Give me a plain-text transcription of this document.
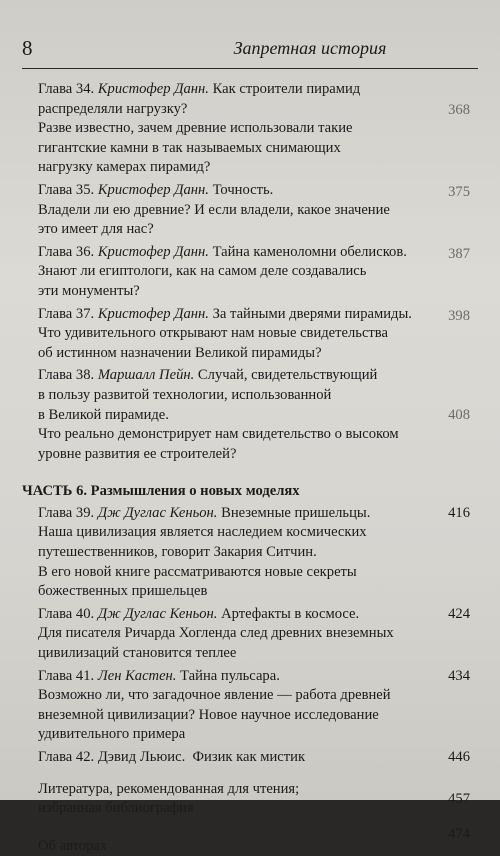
8	Запретная история
Глава 34. Кристофер Данн. Как строители пирамид
распределяли нагрузку?
Разве известно, зачем древние использовали такие
гигантские камни в так называемых снимающих
нагрузку камерах пирамид?
368
Глава 35. Кристофер Данн. Точность.
Владели ли ею древние? И если владели, какое значение
это имеет для нас?
375
Глава 36. Кристофер Данн. Тайна каменоломни обелисков.
Знают ли египтологи, как на самом деле создавались
эти монументы?
387
Глава 37. Кристофер Данн. За тайными дверями пирамиды.
Что удивительного открывают нам новые свидетельства
об истинном назначении Великой пирамиды?
398
Глава 38. Маршалл Пейн. Случай, свидетельствующий
в пользу развитой технологии, использованной
в Великой пирамиде.
Что реально демонстрирует нам свидетельство о высоком
уровне развития ее строителей?
408
ЧАСТЬ 6. Размышления о новых моделях
Глава 39. Дж Дуглас Кеньон. Внеземные пришельцы.
Наша цивилизация является наследием космических
путешественников, говорит Закария Ситчин.
В его новой книге рассматриваются новые секреты
божественных пришельцев
416
Глава 40. Дж Дуглас Кеньон. Артефакты в космосе.
Для писателя Ричарда Хогленда след древних внеземных
цивилизаций становится теплее
424
Глава 41. Лен Кастен. Тайна пульсара.
Возможно ли, что загадочное явление — работа древней
внеземной цивилизации? Новое научное исследование
удивительного примера
434
Глава 42. Дэвид Льюис.  Физик как мистик	446
Литература, рекомендованная для чтения;
избранная библиография
457
Об авторах
474
